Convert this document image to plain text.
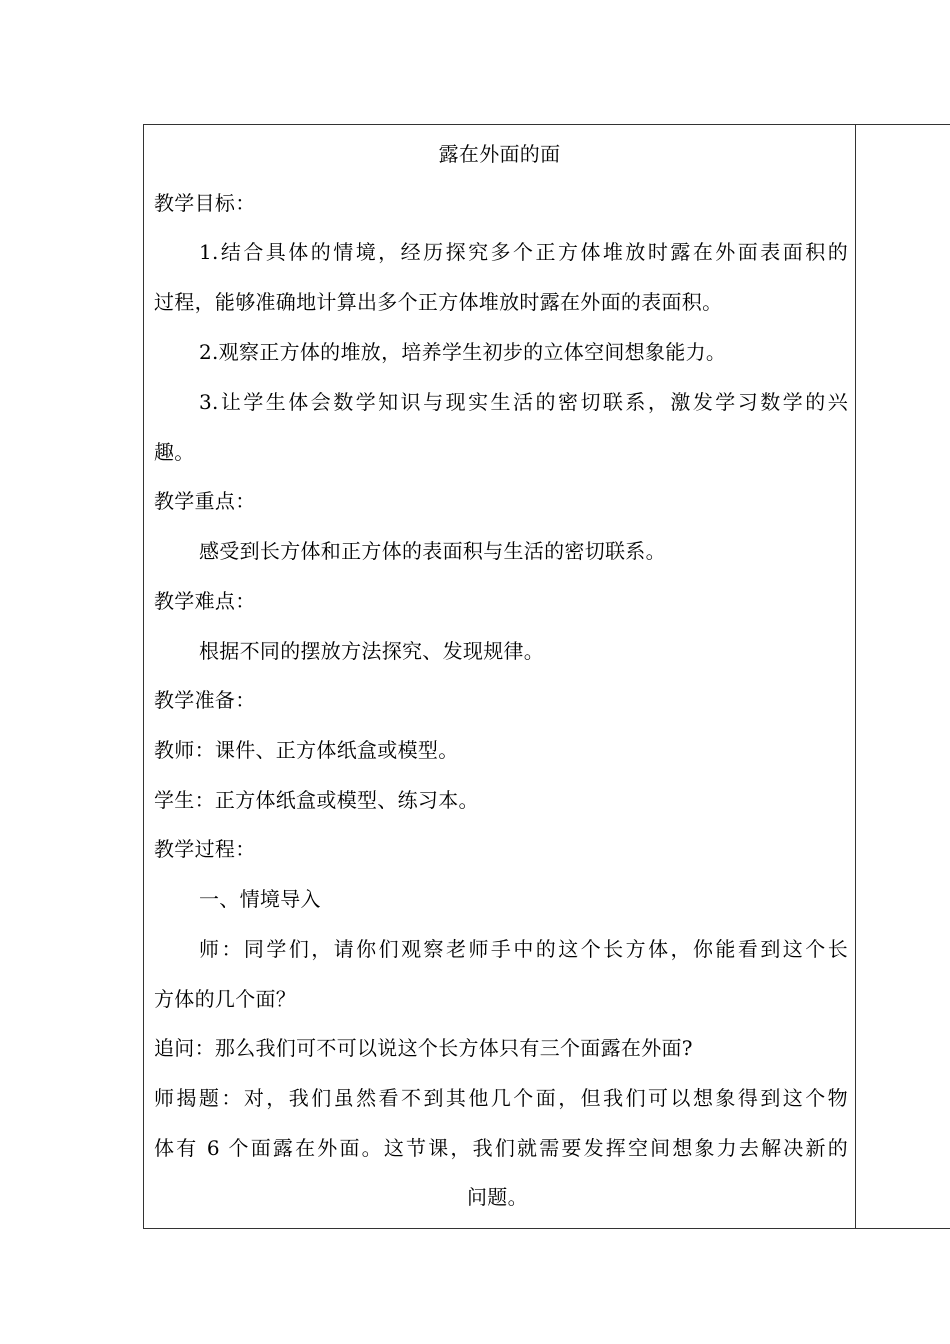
露在外面的面
教学目标：
1.结合具体的情境，经历探究多个正方体堆放时露在外面表面积的
过程，能够准确地计算出多个正方体堆放时露在外面的表面积。
2.观察正方体的堆放，培养学生初步的立体空间想象能力。
3.让学生体会数学知识与现实生活的密切联系，激发学习数学的兴
趣。
教学重点：
感受到长方体和正方体的表面积与生活的密切联系。
教学难点：
根据不同的摆放方法探究、发现规律。
教学准备：
教师：课件、正方体纸盒或模型。
学生：正方体纸盒或模型、练习本。
教学过程：
一、情境导入
师：同学们，请你们观察老师手中的这个长方体，你能看到这个长
方体的几个面？
追问：那么我们可不可以说这个长方体只有三个面露在外面?
师揭题：对，我们虽然看不到其他几个面，但我们可以想象得到这个物
体有 6 个面露在外面。这节课，我们就需要发挥空间想象力去解决新的
问题。
